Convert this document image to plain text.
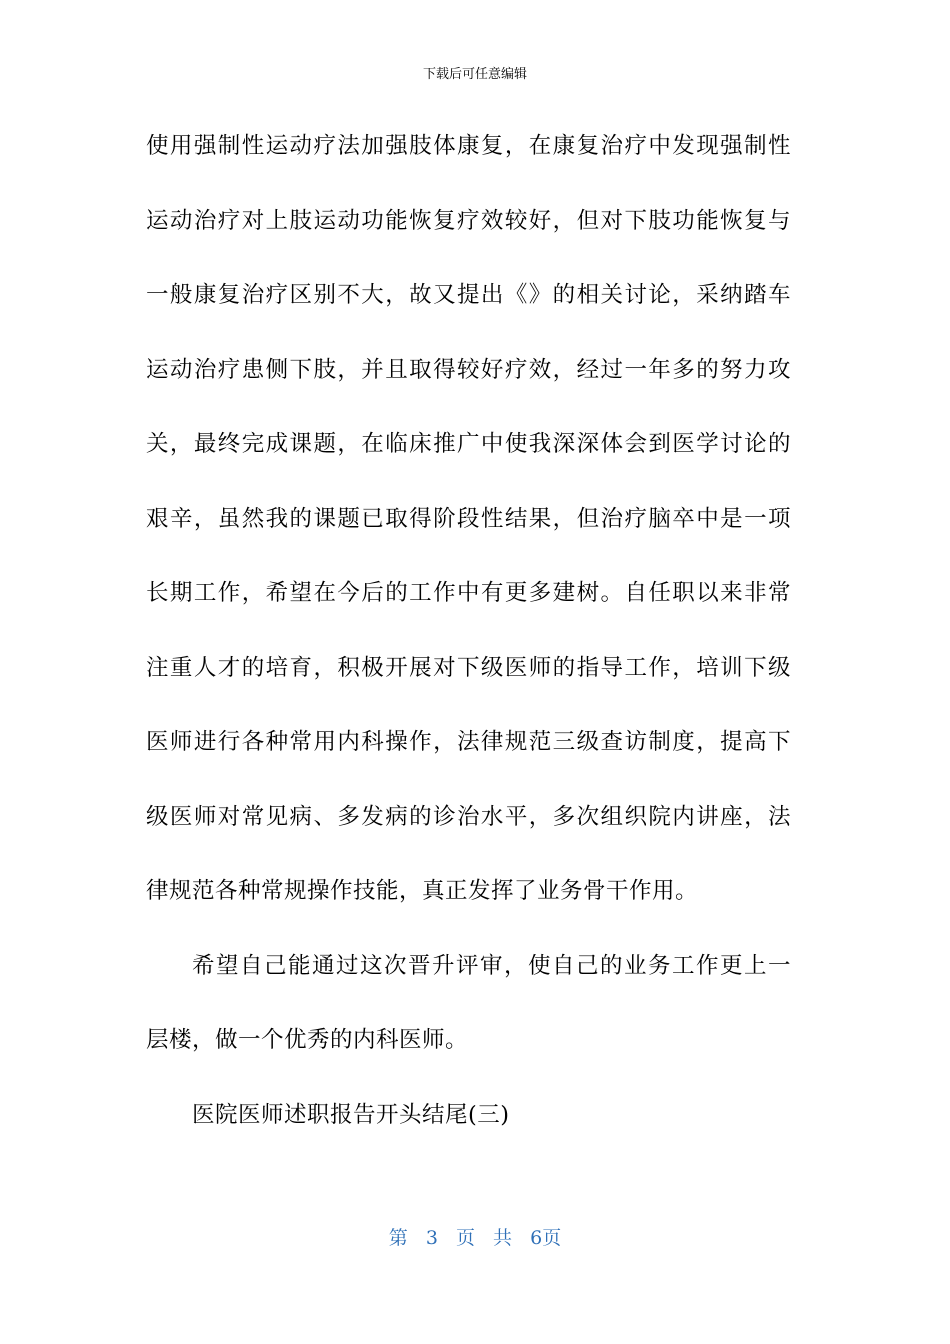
下载后可任意编辑
使用强制性运动疗法加强肢体康复，在康复治疗中发现强制性
运动治疗对上肢运动功能恢复疗效较好，但对下肢功能恢复与
一般康复治疗区别不大，故又提出《》的相关讨论，采纳踏车
运动治疗患侧下肢，并且取得较好疗效，经过一年多的努力攻
关，最终完成课题，在临床推广中使我深深体会到医学讨论的
艰辛，虽然我的课题已取得阶段性结果，但治疗脑卒中是一项
长期工作，希望在今后的工作中有更多建树。自任职以来非常
注重人才的培育，积极开展对下级医师的指导工作，培训下级
医师进行各种常用内科操作，法律规范三级查访制度，提高下
级医师对常见病、多发病的诊治水平，多次组织院内讲座，法
律规范各种常规操作技能，真正发挥了业务骨干作用。
希望自己能通过这次晋升评审，使自己的业务工作更上一
层楼，做一个优秀的内科医师。
医院医师述职报告开头结尾(三)
第 3 页 共 6页
